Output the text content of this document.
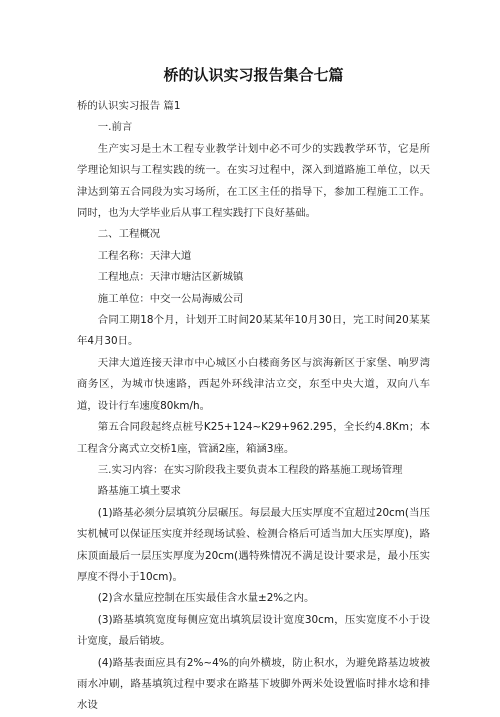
桥的认识实习报告集合七篇

桥的认识实习报告 篇1

一.前言

生产实习是土木工程专业教学计划中必不可少的实践教学环节，它是所学理论知识与工程实践的统一。在实习过程中，深入到道路施工单位，以天津达到第五合同段为实习场所，在工区主任的指导下，参加工程施工工作。同时，也为大学毕业后从事工程实践打下良好基础。

二、工程概况

工程名称：天津大道

工程地点：天津市塘沽区新城镇

施工单位：中交一公局海威公司

合同工期18个月，计划开工时间20某某年10月30日，完工时间20某某年4月30日。

天津大道连接天津市中心城区小白楼商务区与滨海新区于家堡、响罗湾商务区，为城市快速路，西起外环线津沽立交，东至中央大道，双向八车道，设计行车速度80km/h。

第五合同段起终点桩号K25+124~K29+962.295，全长约4.8Km；本工程含分离式立交桥1座，管涵2座，箱涵3座。

三.实习内容：在实习阶段我主要负责本工程段的路基施工现场管理

路基施工填土要求

(1)路基必须分层填筑分层碾压。每层最大压实厚度不宜超过20cm(当压实机械可以保证压实度并经现场试验、检测合格后可适当加大压实厚度)，路床顶面最后一层压实厚度为20cm(遇特殊情况不满足设计要求是，最小压实厚度不得小于10cm)。

(2)含水量应控制在压实最佳含水量±2%之内。

(3)路基填筑宽度每侧应宽出填筑层设计宽度30cm，压实宽度不小于设计宽度，最后销坡。

(4)路基表面应具有2%~4%的向外横坡，防止积水，为避免路基边坡被雨水冲刷，路基填筑过程中要求在路基下坡脚外两米处设置临时排水埝和排水设
